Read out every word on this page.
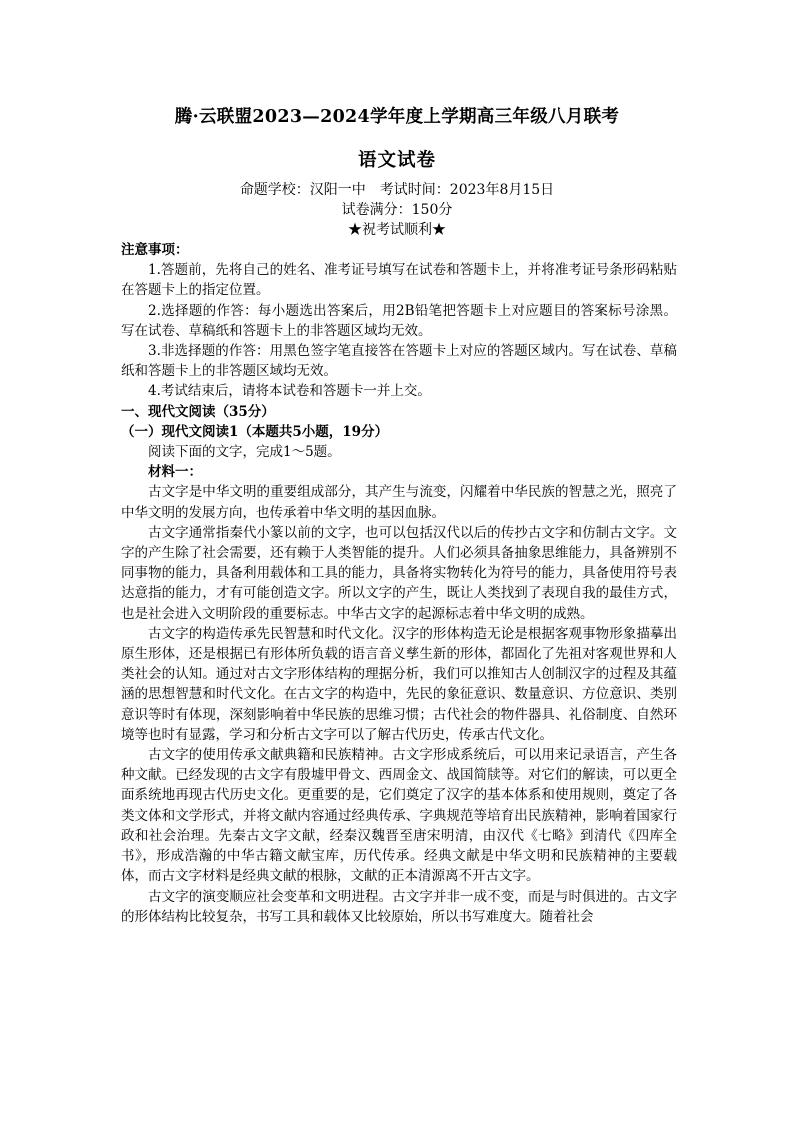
腾·云联盟2023—2024学年度上学期高三年级八月联考
语文试卷
命题学校：汉阳一中　考试时间：2023年8月15日
试卷满分：150分
★祝考试顺利★

注意事项：

1.答题前，先将自己的姓名、准考证号填写在试卷和答题卡上，并将准考证号条形码粘贴在答题卡上的指定位置。

2.选择题的作答：每小题选出答案后，用2B铅笔把答题卡上对应题目的答案标号涂黑。写在试卷、草稿纸和答题卡上的非答题区域均无效。

3.非选择题的作答：用黑色签字笔直接答在答题卡上对应的答题区域内。写在试卷、草稿纸和答题卡上的非答题区域均无效。

4.考试结束后，请将本试卷和答题卡一并上交。

一、现代文阅读（35分）

（一）现代文阅读1（本题共5小题，19分）

阅读下面的文字，完成1～5题。

材料一：

古文字是中华文明的重要组成部分，其产生与流变，闪耀着中华民族的智慧之光，照亮了中华文明的发展方向，也传承着中华文明的基因血脉。

古文字通常指秦代小篆以前的文字，也可以包括汉代以后的传抄古文字和仿制古文字。文字的产生除了社会需要，还有赖于人类智能的提升。人们必须具备抽象思维能力，具备辨别不同事物的能力，具备利用载体和工具的能力，具备将实物转化为符号的能力，具备使用符号表达意指的能力，才有可能创造文字。所以文字的产生，既让人类找到了表现自我的最佳方式，也是社会进入文明阶段的重要标志。中华古文字的起源标志着中华文明的成熟。

古文字的构造传承先民智慧和时代文化。汉字的形体构造无论是根据客观事物形象描摹出原生形体，还是根据已有形体所负载的语言音义孳生新的形体，都固化了先祖对客观世界和人类社会的认知。通过对古文字形体结构的理据分析，我们可以推知古人创制汉字的过程及其蕴涵的思想智慧和时代文化。在古文字的构造中，先民的象征意识、数量意识、方位意识、类别意识等时有体现，深刻影响着中华民族的思维习惯；古代社会的物件器具、礼俗制度、自然环境等也时有显露，学习和分析古文字可以了解古代历史，传承古代文化。

古文字的使用传承文献典籍和民族精神。古文字形成系统后，可以用来记录语言，产生各种文献。已经发现的古文字有殷墟甲骨文、西周金文、战国简牍等。对它们的解读，可以更全面系统地再现古代历史文化。更重要的是，它们奠定了汉字的基本体系和使用规则，奠定了各类文体和文学形式，并将文献内容通过经典传承、字典规范等培育出民族精神，影响着国家行政和社会治理。先秦古文字文献，经秦汉魏晋至唐宋明清，由汉代《七略》到清代《四库全书》，形成浩瀚的中华古籍文献宝库，历代传承。经典文献是中华文明和民族精神的主要载体，而古文字材料是经典文献的根脉，文献的正本清源离不开古文字。

古文字的演变顺应社会变革和文明进程。古文字并非一成不变，而是与时俱进的。古文字的形体结构比较复杂，书写工具和载体又比较原始，所以书写难度大。随着社会
